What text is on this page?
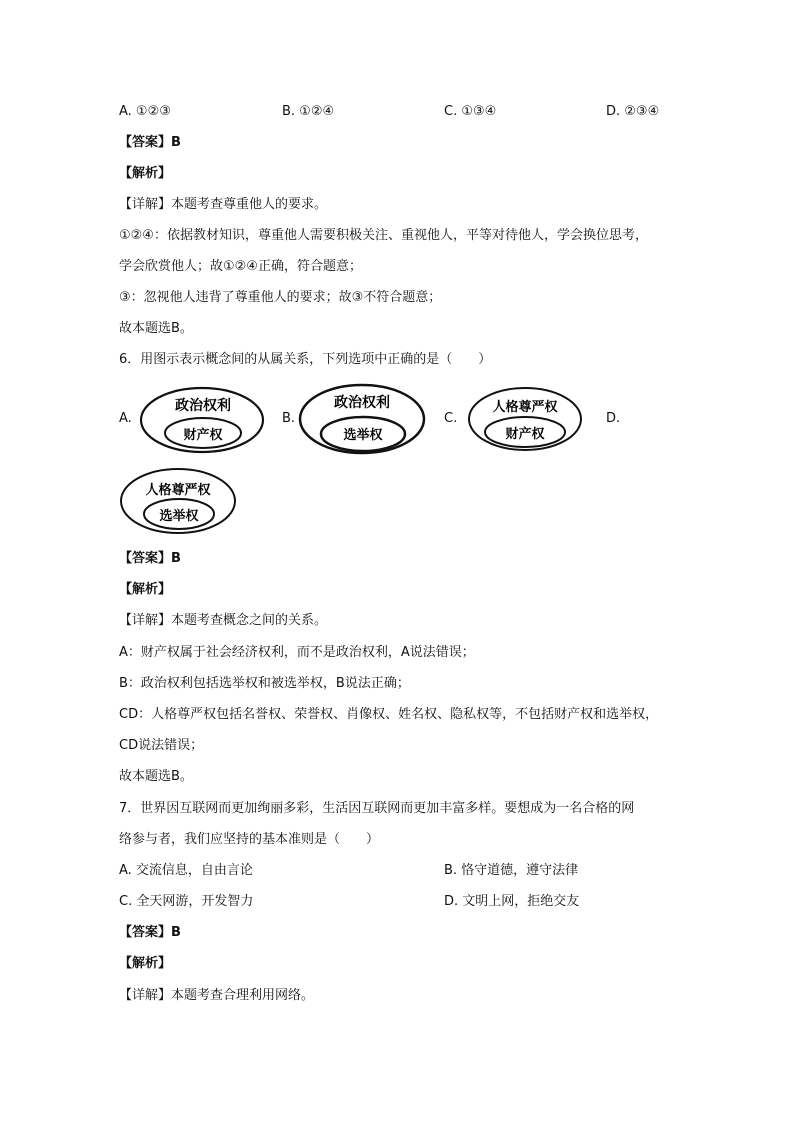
A. ①②③	B. ①②④	C. ①③④	D. ②③④
【答案】B
【解析】
【详解】本题考查尊重他人的要求。
①②④：依据教材知识，尊重他人需要积极关注、重视他人，平等对待他人，学会换位思考，
学会欣赏他人；故①②④正确，符合题意；
③：忽视他人违背了尊重他人的要求；故③不符合题意；
故本题选B。
6．用图示表示概念间的从属关系，下列选项中正确的是（　　）
A.	B.	C.	D.
政治权利
财产权
政治权利
选举权
人格尊严权
财产权
人格尊严权
选举权
【答案】B
【解析】
【详解】本题考查概念之间的关系。
A：财产权属于社会经济权利，而不是政治权利，A说法错误；
B：政治权利包括选举权和被选举权，B说法正确；
CD：人格尊严权包括名誉权、荣誉权、肖像权、姓名权、隐私权等，不包括财产权和选举权，
CD说法错误；
故本题选B。
7．世界因互联网而更加绚丽多彩，生活因互联网而更加丰富多样。要想成为一名合格的网
络参与者，我们应坚持的基本准则是（　　）
A. 交流信息，自由言论	B. 恪守道德，遵守法律
C. 全天网游，开发智力	D. 文明上网，拒绝交友
【答案】B
【解析】
【详解】本题考查合理利用网络。
